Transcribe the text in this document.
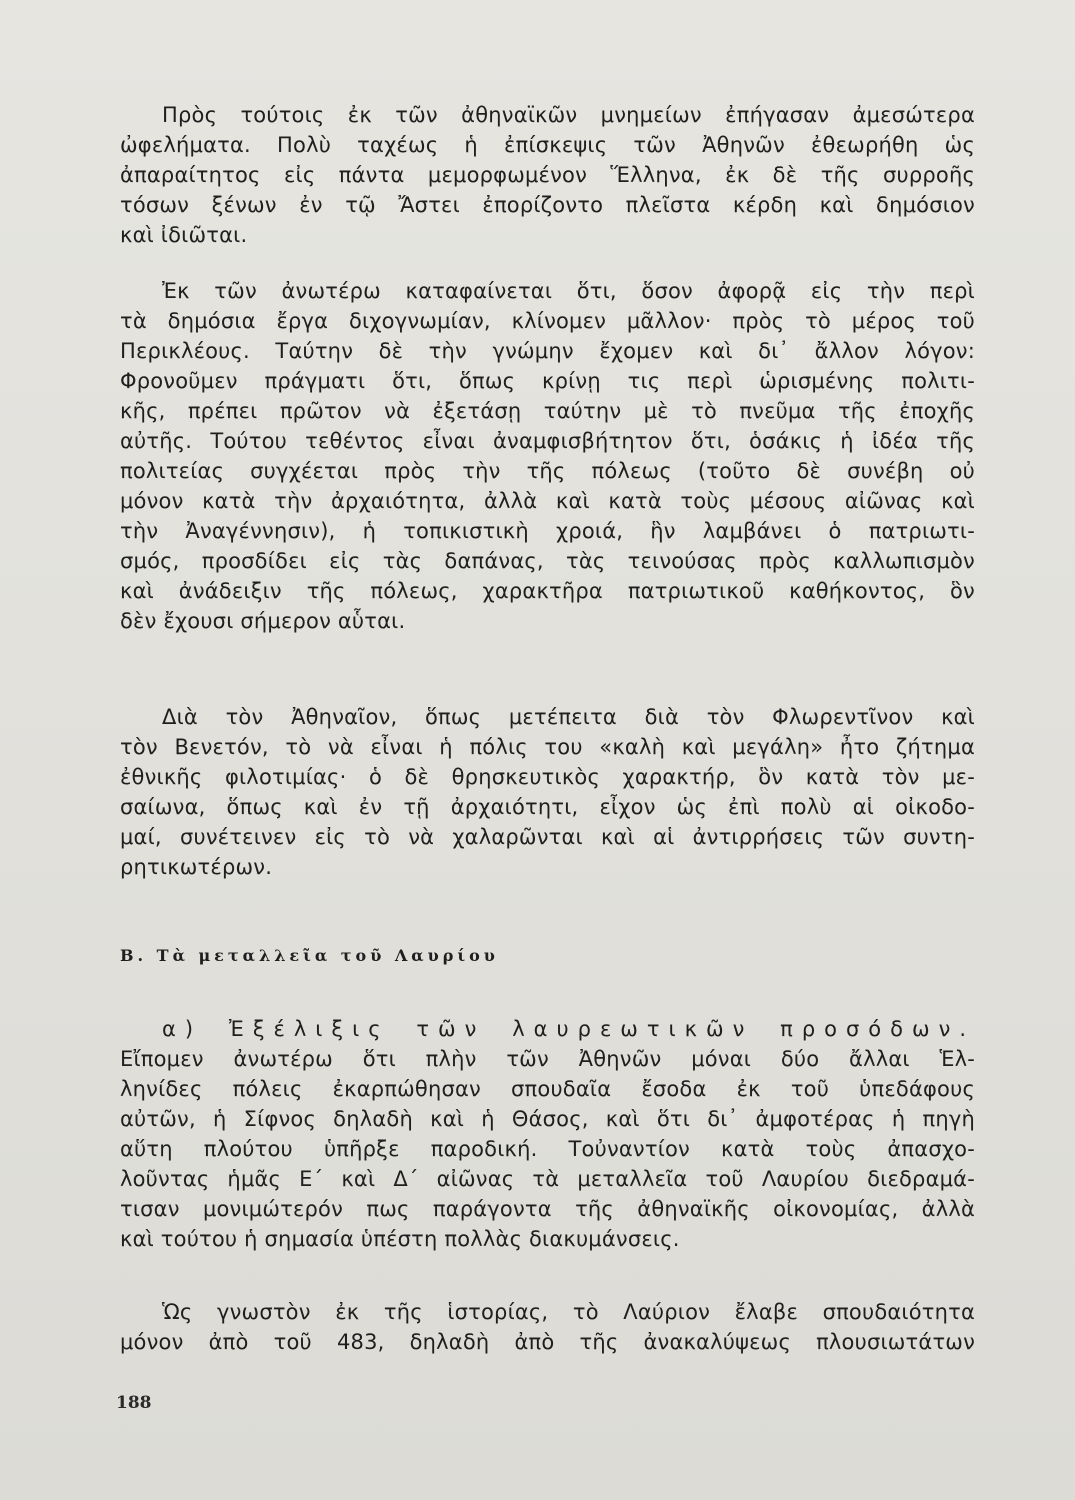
Πρὸς τούτοις ἐκ τῶν ἀθηναϊκῶν μνημείων ἐπήγασαν ἀμεσώτερα
ὠφελήματα. Πολὺ ταχέως ἡ ἐπίσκεψις τῶν Ἀθηνῶν ἐθεωρήθη ὡς
ἀπαραίτητος εἰς πάντα μεμορφωμένον Ἕλληνα, ἐκ δὲ τῆς συρροῆς
τόσων ξένων ἐν τῷ Ἄστει ἐπορίζοντο πλεῖστα κέρδη καὶ δημόσιον
καὶ ἰδιῶται.
Ἐκ τῶν ἀνωτέρω καταφαίνεται ὅτι, ὅσον ἀφορᾷ εἰς τὴν περὶ
τὰ δημόσια ἔργα διχογνωμίαν, κλίνομεν μᾶλλον· πρὸς τὸ μέρος τοῦ
Περικλέους. Ταύτην δὲ τὴν γνώμην ἔχομεν καὶ δι᾽ ἄλλον λόγον:
Φρονοῦμεν πράγματι ὅτι, ὅπως κρίνῃ τις περὶ ὡρισμένης πολιτι-
κῆς, πρέπει πρῶτον νὰ ἐξετάσῃ ταύτην μὲ τὸ πνεῦμα τῆς ἐποχῆς
αὐτῆς. Τούτου τεθέντος εἶναι ἀναμφισβήτητον ὅτι, ὁσάκις ἡ ἰδέα τῆς
πολιτείας συγχέεται πρὸς τὴν τῆς πόλεως (τοῦτο δὲ συνέβη οὐ
μόνον κατὰ τὴν ἀρχαιότητα, ἀλλὰ καὶ κατὰ τοὺς μέσους αἰῶνας καὶ
τὴν Ἀναγέννησιν), ἡ τοπικιστικὴ χροιά, ἣν λαμβάνει ὁ πατριωτι-
σμός, προσδίδει εἰς τὰς δαπάνας, τὰς τεινούσας πρὸς καλλωπισμὸν
καὶ ἀνάδειξιν τῆς πόλεως, χαρακτῆρα πατριωτικοῦ καθήκοντος, ὃν
δὲν ἔχουσι σήμερον αὗται.
Διὰ τὸν Ἀθηναῖον, ὅπως μετέπειτα διὰ τὸν Φλωρεντῖνον καὶ
τὸν Βενετόν, τὸ νὰ εἶναι ἡ πόλις του «καλὴ καὶ μεγάλη» ἦτο ζήτημα
ἐθνικῆς φιλοτιμίας· ὁ δὲ θρησκευτικὸς χαρακτήρ, ὃν κατὰ τὸν με-
σαίωνα, ὅπως καὶ ἐν τῇ ἀρχαιότητι, εἶχον ὡς ἐπὶ πολὺ αἱ οἰκοδο-
μαί, συνέτεινεν εἰς τὸ νὰ χαλαρῶνται καὶ αἱ ἀντιρρήσεις τῶν συντη-
ρητικωτέρων.
Β. Τὰ μεταλλεῖα τοῦ Λαυρίου
α) Ἐξέλιξις τῶν λαυρεωτικῶν προσόδων.
Εἴπομεν ἀνωτέρω ὅτι πλὴν τῶν Ἀθηνῶν μόναι δύο ἄλλαι Ἑλ-
ληνίδες πόλεις ἐκαρπώθησαν σπουδαῖα ἔσοδα ἐκ τοῦ ὑπεδάφους
αὐτῶν, ἡ Σίφνος δηλαδὴ καὶ ἡ Θάσος, καὶ ὅτι δι᾽ ἀμφοτέρας ἡ πηγὴ
αὕτη πλούτου ὑπῆρξε παροδική. Τοὐναντίον κατὰ τοὺς ἀπασχο-
λοῦντας ἡμᾶς Ε΄ καὶ Δ΄ αἰῶνας τὰ μεταλλεῖα τοῦ Λαυρίου διεδραμά-
τισαν μονιμώτερόν πως παράγοντα τῆς ἀθηναϊκῆς οἰκονομίας, ἀλλὰ
καὶ τούτου ἡ σημασία ὑπέστη πολλὰς διακυμάνσεις.
Ὡς γνωστὸν ἐκ τῆς ἱστορίας, τὸ Λαύριον ἔλαβε σπουδαιότητα
μόνον ἀπὸ τοῦ 483, δηλαδὴ ἀπὸ τῆς ἀνακαλύψεως πλουσιωτάτων
188
